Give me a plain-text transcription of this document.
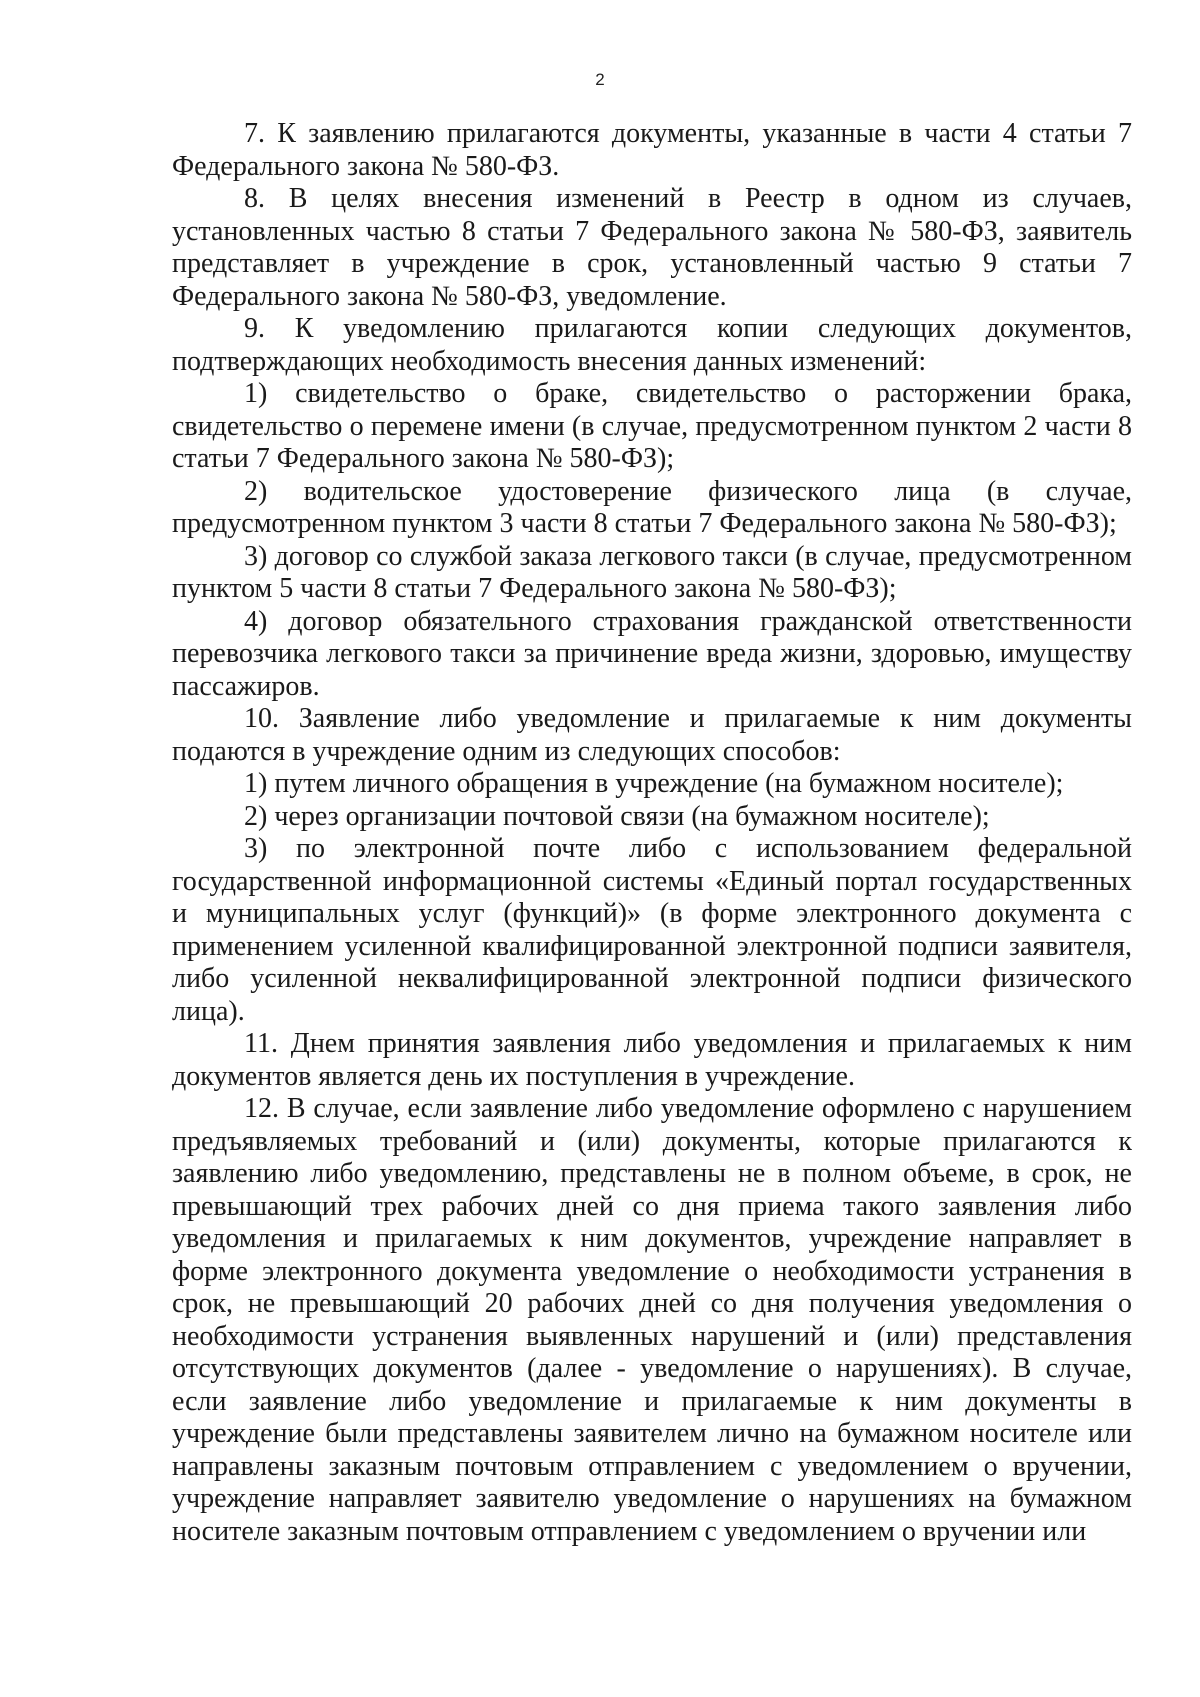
2

7. К заявлению прилагаются документы, указанные в части 4 статьи 7 Федерального закона № 580-ФЗ.

8. В целях внесения изменений в Реестр в одном из случаев, установленных частью 8 статьи 7 Федерального закона № 580-ФЗ, заявитель представляет в учреждение в срок, установленный частью 9 статьи 7 Федерального закона № 580-ФЗ, уведомление.

9. К уведомлению прилагаются копии следующих документов, подтверждающих необходимость внесения данных изменений:

1) свидетельство о браке, свидетельство о расторжении брака, свидетельство о перемене имени (в случае, предусмотренном пунктом 2 части 8 статьи 7 Федерального закона № 580-ФЗ);

2) водительское удостоверение физического лица (в случае, предусмотренном пунктом 3 части 8 статьи 7 Федерального закона № 580-ФЗ);

3) договор со службой заказа легкового такси (в случае, предусмотренном пунктом 5 части 8 статьи 7 Федерального закона № 580-ФЗ);

4) договор обязательного страхования гражданской ответственности перевозчика легкового такси за причинение вреда жизни, здоровью, имуществу пассажиров.

10. Заявление либо уведомление и прилагаемые к ним документы подаются в учреждение одним из следующих способов:

1) путем личного обращения в учреждение (на бумажном носителе);

2) через организации почтовой связи (на бумажном носителе);

3) по электронной почте либо с использованием федеральной государственной информационной системы «Единый портал государственных и муниципальных услуг (функций)» (в форме электронного документа с применением усиленной квалифицированной электронной подписи заявителя, либо усиленной неквалифицированной электронной подписи физического лица).

11. Днем принятия заявления либо уведомления и прилагаемых к ним документов является день их поступления в учреждение.

12. В случае, если заявление либо уведомление оформлено с нарушением предъявляемых требований и (или) документы, которые прилагаются к заявлению либо уведомлению, представлены не в полном объеме, в срок, не превышающий трех рабочих дней со дня приема такого заявления либо уведомления и прилагаемых к ним документов, учреждение направляет в форме электронного документа уведомление о необходимости устранения в срок, не превышающий 20 рабочих дней со дня получения уведомления о необходимости устранения выявленных нарушений и (или) представления отсутствующих документов (далее - уведомление о нарушениях). В случае, если заявление либо уведомление и прилагаемые к ним документы в учреждение были представлены заявителем лично на бумажном носителе или направлены заказным почтовым отправлением с уведомлением о вручении, учреждение направляет заявителю уведомление о нарушениях на бумажном носителе заказным почтовым отправлением с уведомлением о вручении или
